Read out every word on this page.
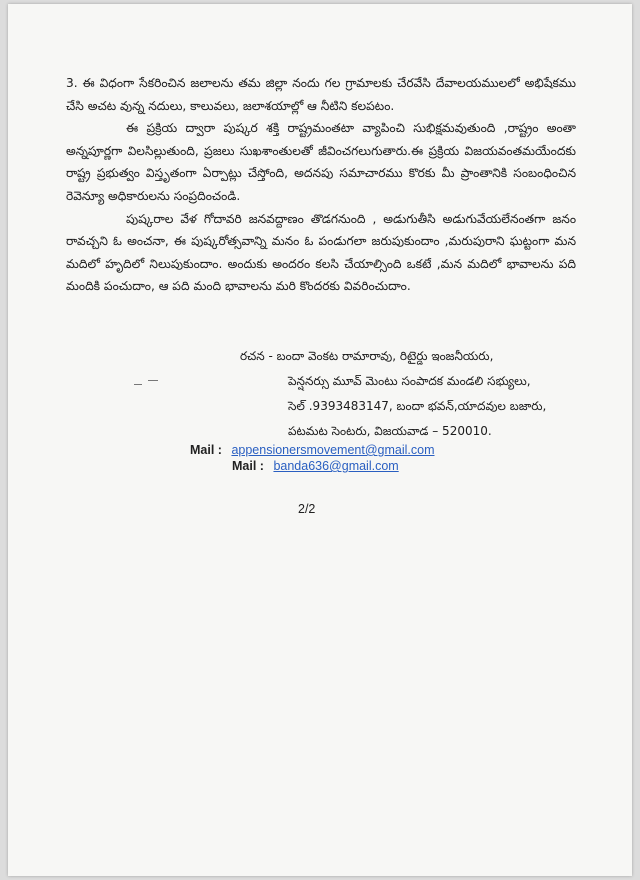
3. ఈ విధంగా సేకరించిన జలాలను తమ జిల్లా నందు గల గ్రామాలకు చేరవేసి దేవాలయములలో అభిషేకము చేసి అచట వున్న నదులు, కాలువలు, జలాశయాల్లో ఆ నీటిని కలపటం.

ఈ ప్రక్రియ ద్వారా పుష్కర శక్తి రాష్ట్రమంతటా వ్యాపించి సుభిక్షమవుతుంది ,రాష్ట్రం అంతా అన్నపూర్ణగా విలసిల్లుతుంది, ప్రజలు సుఖశాంతులతో జీవించగలుగుతారు.ఈ ప్రక్రియ విజయవంతమయేందకు రాష్ట్ర ప్రభుత్వం విస్తృతంగా ఏర్పాట్లు చేస్తోంది, అదనపు సమాచారము కొరకు మీ ప్రాంతానికి సంబంధించిన రెవెన్యూ అధికారులను సంప్రదించండి.

పుష్కరాల వేళ గోదావరి జనవద్దాణం తొడగనుంది , అడుగుతీసి అడుగువేయలేనంతగా జనం రావచ్చని ఓ అంచనా, ఈ పుష్కరోత్సవాన్ని మనం ఓ పండుగలా జరుపుకుందాం ,మరుపురాని ఘట్టంగా మన మదిలో హృదిలో నిలుపుకుందాం. అందుకు అందరం కలసి చేయాల్సింది ఒకటే ,మన మదిలో భావాలను పది మందికి పంచుదాం, ఆ పది మంది భావాలను మరి కొందరకు వివరించుదాం.

రచన - బందా వెంకట రామారావు, రిటైర్డు ఇంజనీయరు,
పెన్షనర్సు మూవ్ మెంటు సంపాదక మండలి సభ్యులు,
సెల్ .9393483147, బందా భవన్,యాదవుల బజారు,
పటమట సెంటరు, విజయవాడ – 520010.
Mail : appensionersmovement@gmail.com
Mail : banda636@gmail.com
2/2
